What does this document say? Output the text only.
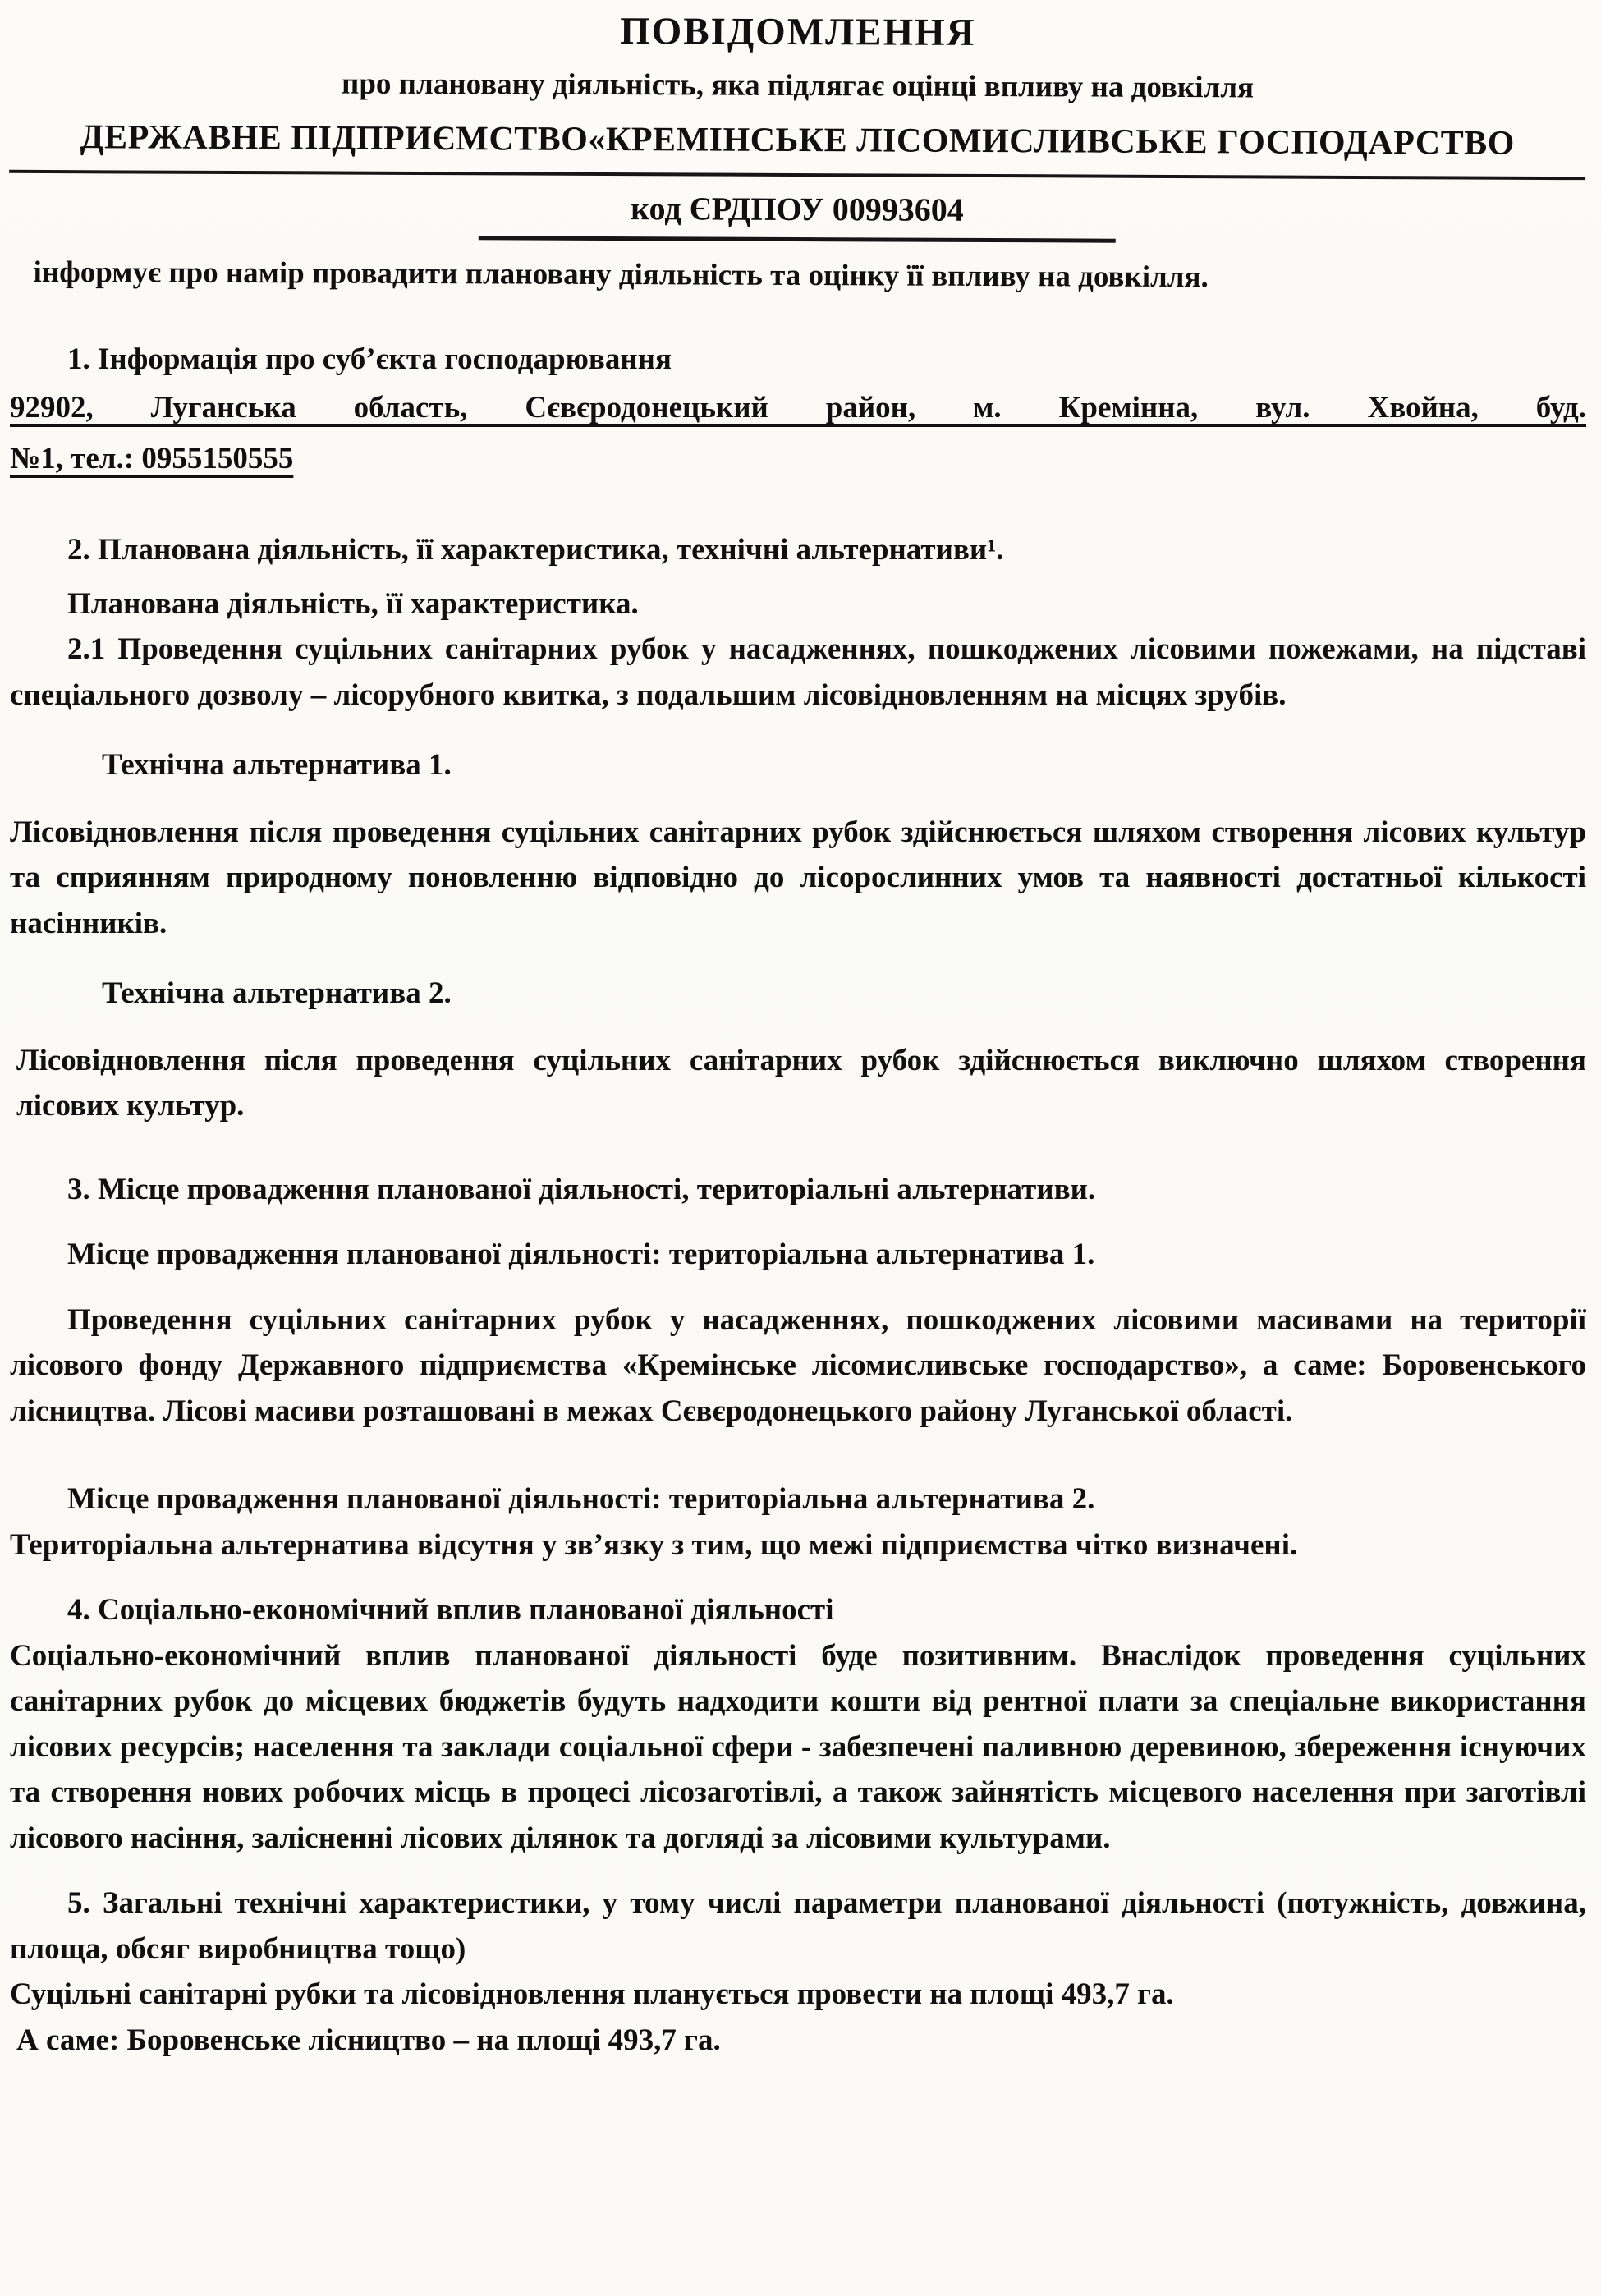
ПОВІДОМЛЕННЯ

про плановану діяльність, яка підлягає оцінці впливу на довкілля

ДЕРЖАВНЕ ПІДПРИЄМСТВО«КРЕМІНСЬКЕ ЛІСОМИСЛИВСЬКЕ ГОСПОДАРСТВО

код ЄРДПОУ 00993604

інформує про намір провадити плановану діяльність та оцінку її впливу на довкілля.

1. Інформація про суб’єкта господарювання

92902, Луганська область, Сєвєродонецький район, м. Кремінна, вул. Хвойна, буд.

№1, тел.: 0955150555

2. Планована діяльність, її характеристика, технічні альтернативи¹.

Планована діяльність, її характеристика.

2.1 Проведення суцільних санітарних рубок у насадженнях, пошкоджених лісовими пожежами, на підставі спеціального дозволу – лісорубного квитка, з подальшим лісовідновленням на місцях зрубів.

Технічна альтернатива 1.

Лісовідновлення після проведення суцільних санітарних рубок здійснюється шляхом створення лісових культур та сприянням природному поновленню відповідно до лісорослинних умов та наявності достатньої кількості насінників.

Технічна альтернатива 2.

Лісовідновлення після проведення суцільних санітарних рубок здійснюється виключно шляхом створення лісових культур.

3. Місце провадження планованої діяльності, територіальні альтернативи.

Місце провадження планованої діяльності: територіальна альтернатива 1.

Проведення суцільних санітарних рубок у насадженнях, пошкоджених лісовими масивами на території лісового фонду Державного підприємства «Кремінське лісомисливське господарство», а саме: Боровенського лісництва. Лісові масиви розташовані в межах Сєвєродонецького району Луганської області.

Місце провадження планованої діяльності: територіальна альтернатива 2.

Територіальна альтернатива відсутня у зв’язку з тим, що межі підприємства чітко визначені.

4. Соціально-економічний вплив планованої діяльності

Соціально-економічний вплив планованої діяльності буде позитивним. Внаслідок проведення суцільних санітарних рубок до місцевих бюджетів будуть надходити кошти від рентної плати за спеціальне використання лісових ресурсів; населення та заклади соціальної сфери - забезпечені паливною деревиною, збереження існуючих та створення нових робочих місць в процесі лісозаготівлі, а також зайнятість місцевого населення при заготівлі лісового насіння, залісненні лісових ділянок та догляді за лісовими культурами.

5. Загальні технічні характеристики, у тому числі параметри планованої діяльності (потужність, довжина, площа, обсяг виробництва тощо)

Суцільні санітарні рубки та лісовідновлення планується провести на площі 493,7 га.

А саме: Боровенське лісництво – на площі 493,7 га.
